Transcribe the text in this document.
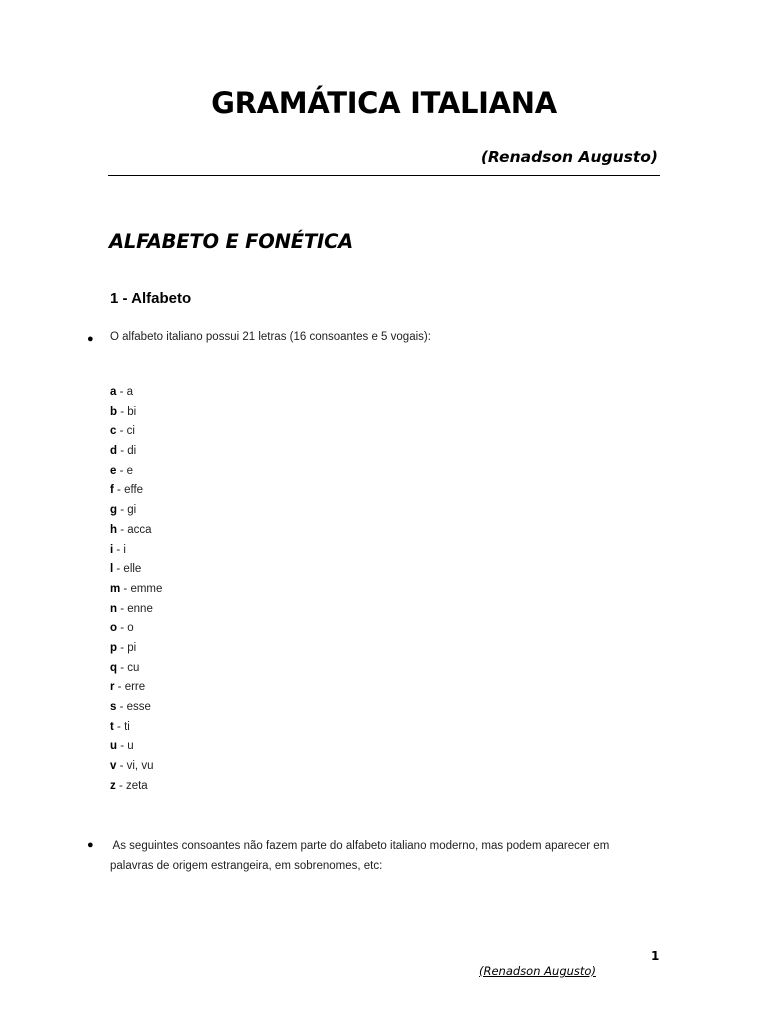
GRAMÁTICA ITALIANA
(Renadson Augusto)
ALFABETO E FONÉTICA
1 - Alfabeto
● O alfabeto italiano possui 21 letras (16 consoantes e 5 vogais):
a - a
b - bi
c - ci
d - di
e - e
f - effe
g - gi
h - acca
i - i
l - elle
m - emme
n - enne
o - o
p - pi
q - cu
r - erre
s - esse
t - ti
u - u
v - vi, vu
z - zeta
● As seguintes consoantes não fazem parte do alfabeto italiano moderno, mas podem aparecer em
palavras de origem estrangeira, em sobrenomes, etc:
1
(Renadson Augusto)
